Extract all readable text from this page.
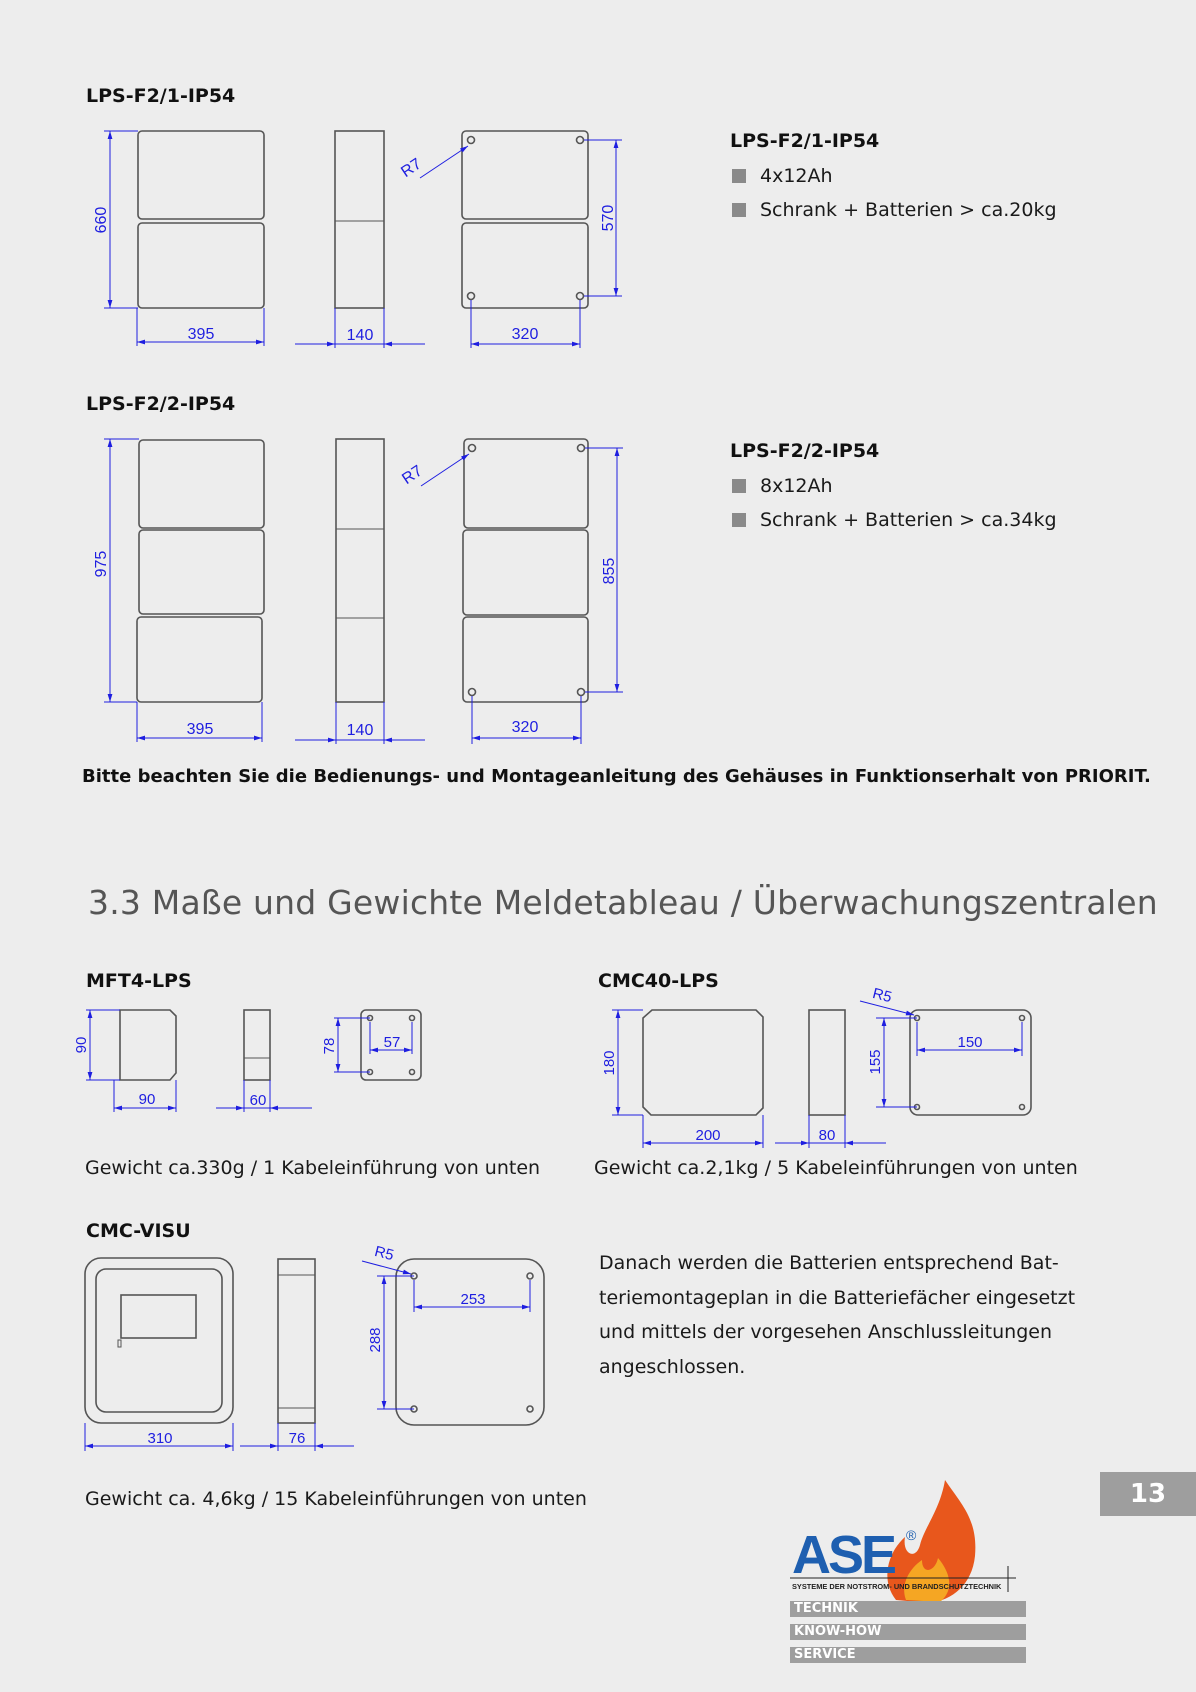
LPS-F2/1-IP54
660
395	140	320
570
R7
975
395	140	320
855
R7
90
90	60
78	57
180
200	80
155
150
R5
310	76
R5
253
288
ASE ®
SYSTEME DER NOTSTROM- UND BRANDSCHUTZTECHNIK
LPS-F2/1-IP54
4x12Ah
Schrank + Batterien > ca.20kg
LPS-F2/2-IP54
LPS-F2/2-IP54
8x12Ah
Schrank + Batterien > ca.34kg
Bitte beachten Sie die Bedienungs- und Montageanleitung des Gehäuses in Funktionserhalt von PRIORIT.
3.3 Maße und Gewichte Meldetableau / Überwachungszentralen
MFT4-LPS	CMC40-LPS
Gewicht ca.330g / 1 Kabeleinführung von unten	Gewicht ca.2,1kg / 5 Kabeleinführungen von unten
CMC-VISU
Danach werden die Batterien entsprechend Bat-
teriemontageplan in die Batteriefächer eingesetzt
und mittels der vorgesehen Anschlussleitungen
angeschlossen.
Gewicht ca. 4,6kg / 15 Kabeleinführungen von unten	13
TECHNIK
KNOW-HOW
SERVICE
